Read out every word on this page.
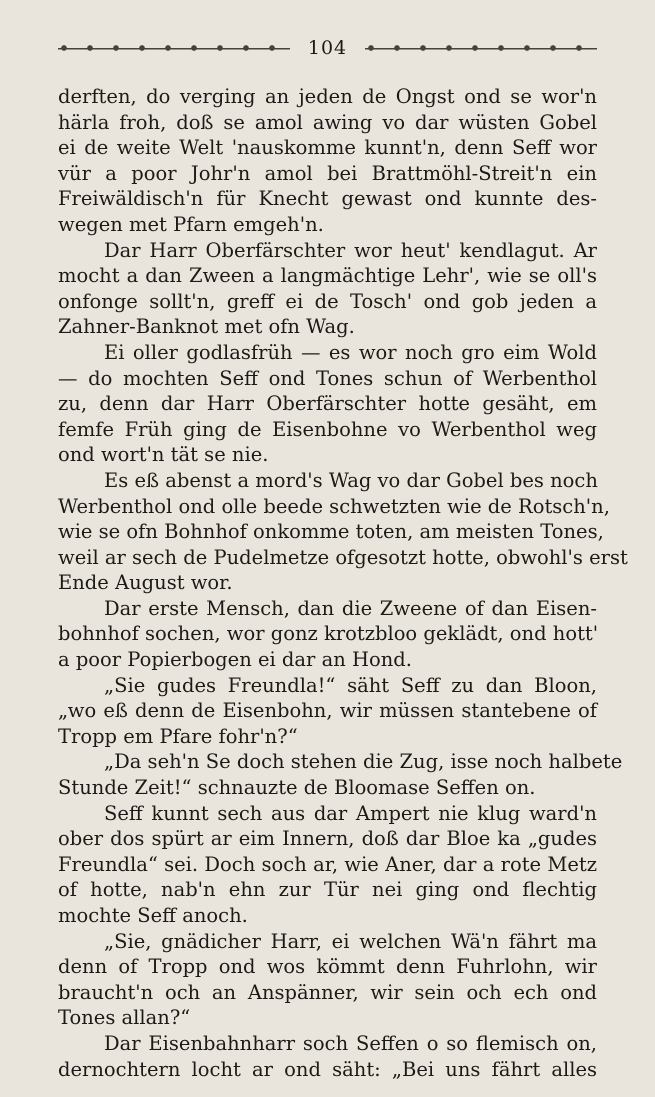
104
derften, do verging an jeden de Ongst ond se wor'n
härla froh, doß se amol awing vo dar wüsten Gobel
ei de weite Welt 'nauskomme kunnt'n, denn Seff wor
vür a poor Johr'n amol bei Brattmöhl-Streit'n ein
Freiwäldisch'n für Knecht gewast ond kunnte des-
wegen met Pfarn emgeh'n.
Dar Harr Oberfärschter wor heut' kendlagut. Ar
mocht a dan Zween a langmächtige Lehr', wie se oll's
onfonge sollt'n, greff ei de Tosch' ond gob jeden a
Zahner-Banknot met ofn Wag.
Ei oller godlasfrüh — es wor noch gro eim Wold
— do mochten Seff ond Tones schun of Werbenthol
zu, denn dar Harr Oberfärschter hotte gesäht, em
femfe Früh ging de Eisenbohne vo Werbenthol weg
ond wort'n tät se nie.
Es eß abenst a mord's Wag vo dar Gobel bes noch
Werbenthol ond olle beede schwetzten wie de Rotsch'n,
wie se ofn Bohnhof onkomme toten, am meisten Tones,
weil ar sech de Pudelmetze ofgesotzt hotte, obwohl's erst
Ende August wor.
Dar erste Mensch, dan die Zweene of dan Eisen-
bohnhof sochen, wor gonz krotzbloo geklädt, ond hott'
a poor Popierbogen ei dar an Hond.
„Sie gudes Freundla!“ säht Seff zu dan Bloon,
„wo eß denn de Eisenbohn, wir müssen stantebene of
Tropp em Pfare fohr'n?“
„Da seh'n Se doch stehen die Zug, isse noch halbete
Stunde Zeit!“ schnauzte de Bloomase Seffen on.
Seff kunnt sech aus dar Ampert nie klug ward'n
ober dos spürt ar eim Innern, doß dar Bloe ka „gudes
Freundla“ sei. Doch soch ar, wie Aner, dar a rote Metz
of hotte, nab'n ehn zur Tür nei ging ond flechtig
mochte Seff anoch.
„Sie, gnädicher Harr, ei welchen Wä'n fährt ma
denn of Tropp ond wos kömmt denn Fuhrlohn, wir
braucht'n och an Anspänner, wir sein och ech ond
Tones allan?“
Dar Eisenbahnharr soch Seffen o so flemisch on,
dernochtern locht ar ond säht: „Bei uns fährt alles
